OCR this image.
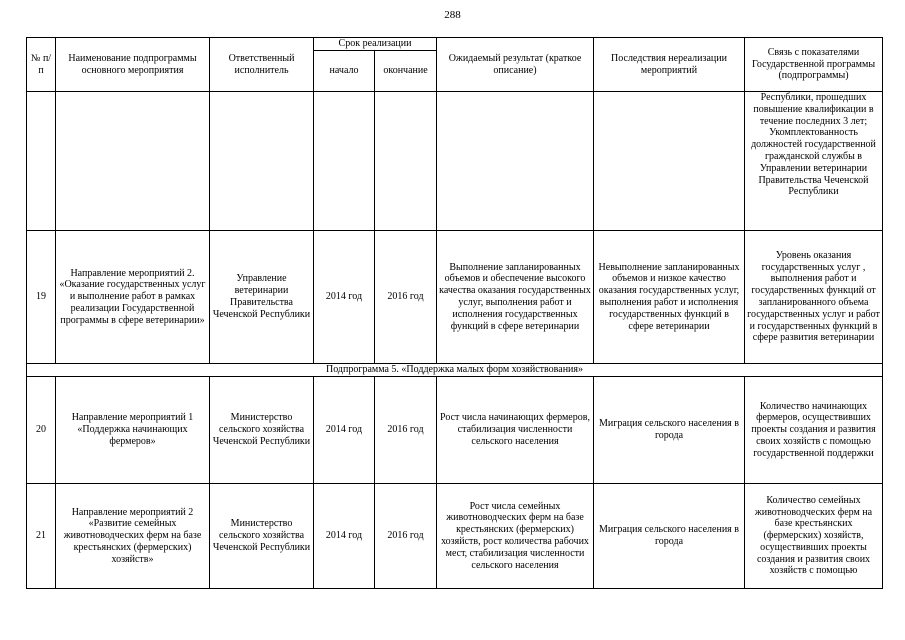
288
№ п/п	Наименование подпрограммы основного мероприятия	Ответственный исполнитель	Срок реализации		Ожидаемый результат (краткое описание)	Последствия нереализации мероприятий	Связь с показателями Государственной программы (подпрограммы)
			начало	окончание			
							Республики, прошедших повышение квалификации в течение последних 3 лет; Укомплектованность должностей государственной гражданской службы в Управлении ветеринарии Правительства Чеченской Республики
19	Направление мероприятий 2. «Оказание государственных услуг и выполнение работ в рамках реализации Государственной программы в сфере ветеринарии»	Управление ветеринарии Правительства Чеченской Республики	2014 год	2016 год	Выполнение запланированных объемов и обеспечение высокого качества оказания государственных услуг, выполнения работ и исполнения государственных функций в сфере ветеринарии	Невыполнение запланированных объемов и низкое качество оказания государственных услуг, выполнения работ и исполнения государственных функций в сфере ветеринарии	Уровень оказания государственных услуг , выполнения работ и государственных функций от запланированного объема государственных услуг и работ и государственных функций в сфере развития ветеринарии
Подпрограмма 5. «Поддержка малых форм хозяйствования»							
20	Направление мероприятий 1 «Поддержка начинающих фермеров»	Министерство сельского хозяйства Чеченской Республики	2014 год	2016 год	Рост числа начинающих фермеров, стабилизация численности сельского населения	Миграция сельского населения в города	Количество начинающих фермеров, осуществивших проекты создания и развития своих хозяйств с помощью государственной поддержки
21	Направление мероприятий 2 «Развитие семейных животноводческих ферм на базе крестьянских (фермерских) хозяйств»	Министерство сельского хозяйства Чеченской Республики	2014 год	2016 год	Рост числа семейных животноводческих ферм на базе крестьянских (фермерских) хозяйств, рост количества рабочих мест, стабилизация численности сельского населения	Миграция сельского населения в города	Количество семейных животноводческих ферм на базе крестьянских (фермерских) хозяйств, осуществивших проекты создания и развития своих хозяйств с помощью
